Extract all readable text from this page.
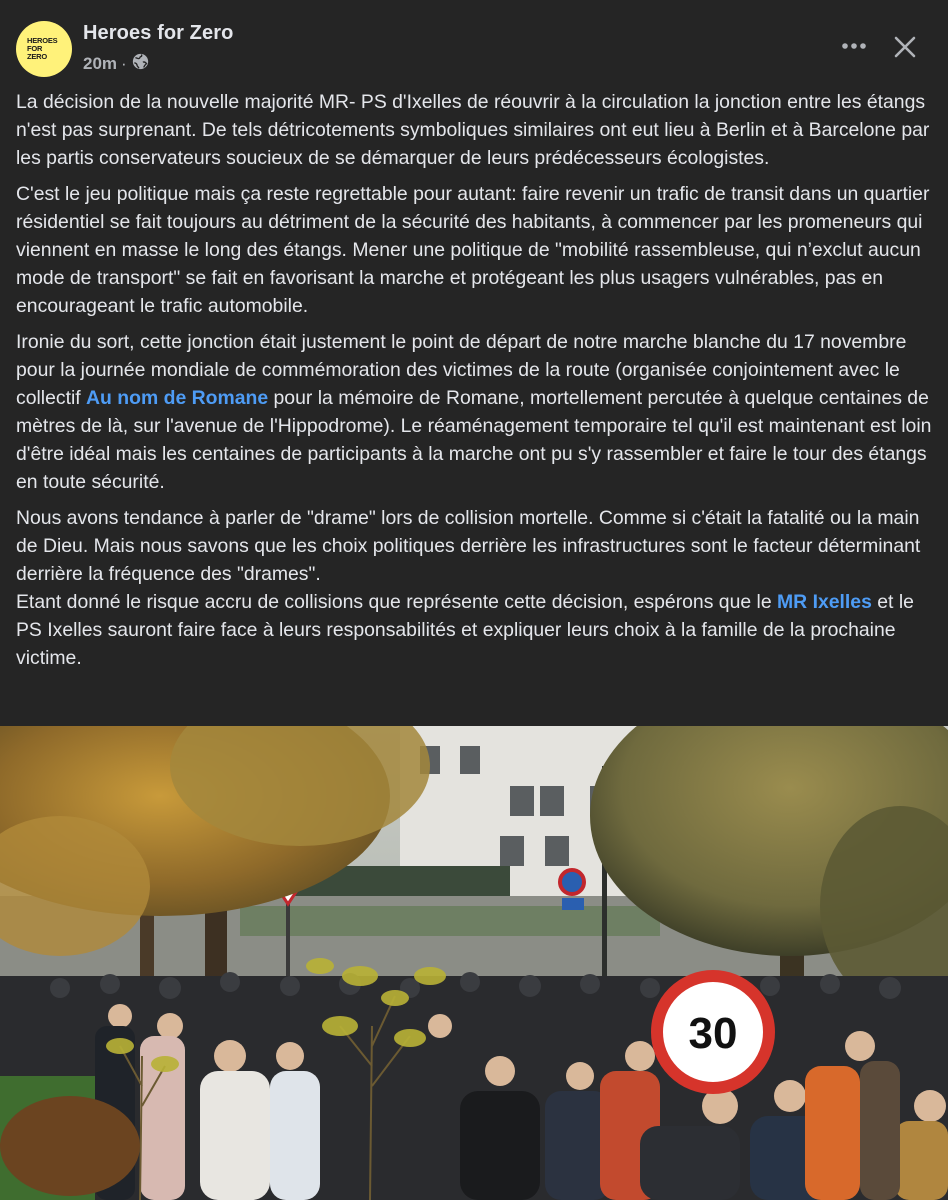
HEROES
FOR ZERO
Heroes for Zero
20m ·

La décision de la nouvelle majorité MR- PS d'Ixelles de réouvrir à la circulation la jonction entre les étangs n'est pas surprenant. De tels détricotements symboliques similaires ont eut lieu à Berlin et à Barcelone par les partis conservateurs soucieux de se démarquer de leurs prédécesseurs écologistes.

C'est le jeu politique mais ça reste regrettable pour autant: faire revenir un trafic de transit dans un quartier résidentiel se fait toujours au détriment de la sécurité des habitants, à commencer par les promeneurs qui viennent en masse le long des étangs. Mener une politique de "mobilité rassembleuse, qui n’exclut aucun mode de transport" se fait en favorisant la marche et protégeant les plus usagers vulnérables, pas en encourageant le trafic automobile.

Ironie du sort, cette jonction était justement le point de départ de notre marche blanche du 17 novembre pour la journée mondiale de commémoration des victimes de la route (organisée conjointement avec le collectif Au nom de Romane pour la mémoire de Romane, mortellement percutée à quelque centaines de mètres de là, sur l'avenue de l'Hippodrome). Le réaménagement temporaire tel qu'il est maintenant est loin d'être idéal mais les centaines de participants à la marche ont pu s'y rassembler et faire le tour des étangs en toute sécurité.

Nous avons tendance à parler de "drame" lors de collision mortelle. Comme si c'était la fatalité ou la main de Dieu. Mais nous savons que les choix politiques derrière les infrastructures sont le facteur déterminant derrière la fréquence des "drames".
Etant donné le risque accru de collisions que représente cette décision, espérons que le MR Ixelles et le PS Ixelles sauront faire face à leurs responsabilités et expliquer leurs choix à la famille de la prochaine victime.

30
